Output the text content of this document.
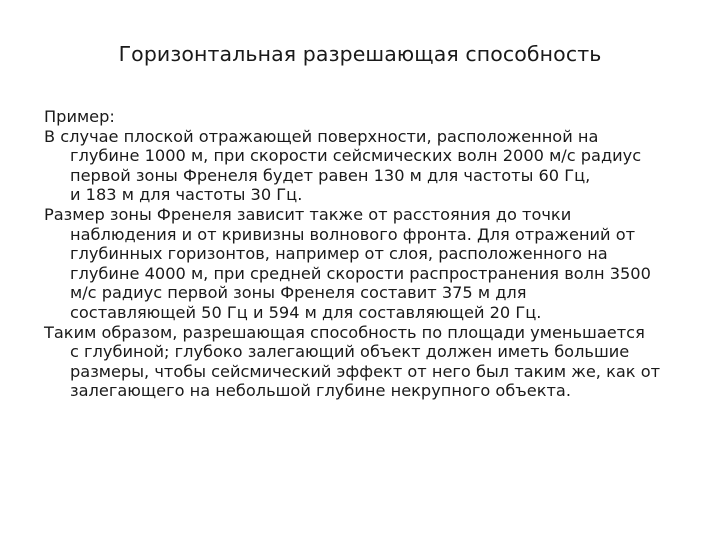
Горизонтальная разрешающая способность

Пример:

В случае плоской отражающей поверхности, расположенной на
глубине 1000 м, при скорости сейсмических волн 2000 м/с радиус
первой зоны Френеля будет равен 130 м для частоты 60 Гц,
и 183 м для частоты 30 Гц.

Размер зоны Френеля зависит также от расстояния до точки
наблюдения и от кривизны волнового фронта. Для отражений от
глубинных горизонтов, например от слоя, расположенного на
глубине 4000 м, при средней скорости распространения волн 3500
м/с радиус первой зоны Френеля составит 375 м для
составляющей 50 Гц и 594 м для составляющей 20 Гц.

Таким образом, разрешающая способность по площади уменьшается
с глубиной; глубоко залегающий объект должен иметь большие
размеры, чтобы сейсмический эффект от него был таким же, как от
залегающего на небольшой глубине некрупного объекта.
